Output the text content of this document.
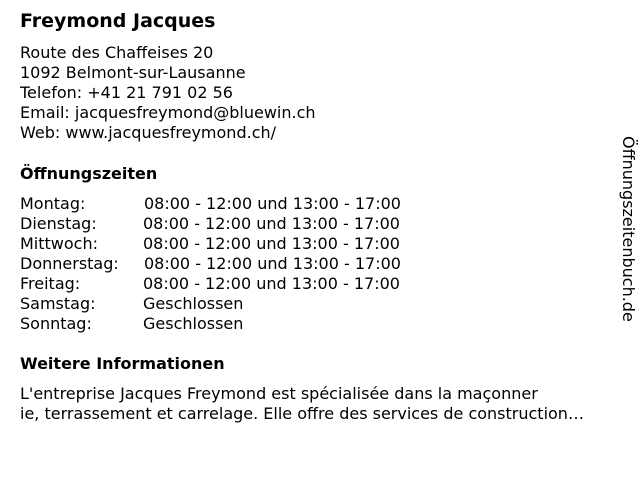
Freymond Jacques
Route des Chaffeises 20
1092 Belmont-sur-Lausanne
Telefon: +41 21 791 02 56
Email: jacquesfreymond@bluewin.ch
Web: www.jacquesfreymond.ch/
Öffnungszeiten
Montag:	08:00 - 12:00 und 13:00 - 17:00
Dienstag:	08:00 - 12:00 und 13:00 - 17:00
Mittwoch:	08:00 - 12:00 und 13:00 - 17:00
Donnerstag:	08:00 - 12:00 und 13:00 - 17:00
Freitag:	08:00 - 12:00 und 13:00 - 17:00
Samstag:	Geschlossen
Sonntag:	Geschlossen
Weitere Informationen
L'entreprise Jacques Freymond est spécialisée dans la maçonner
ie, terrassement et carrelage. Elle offre des services de construction…
Öffnungszeitenbuch.de
